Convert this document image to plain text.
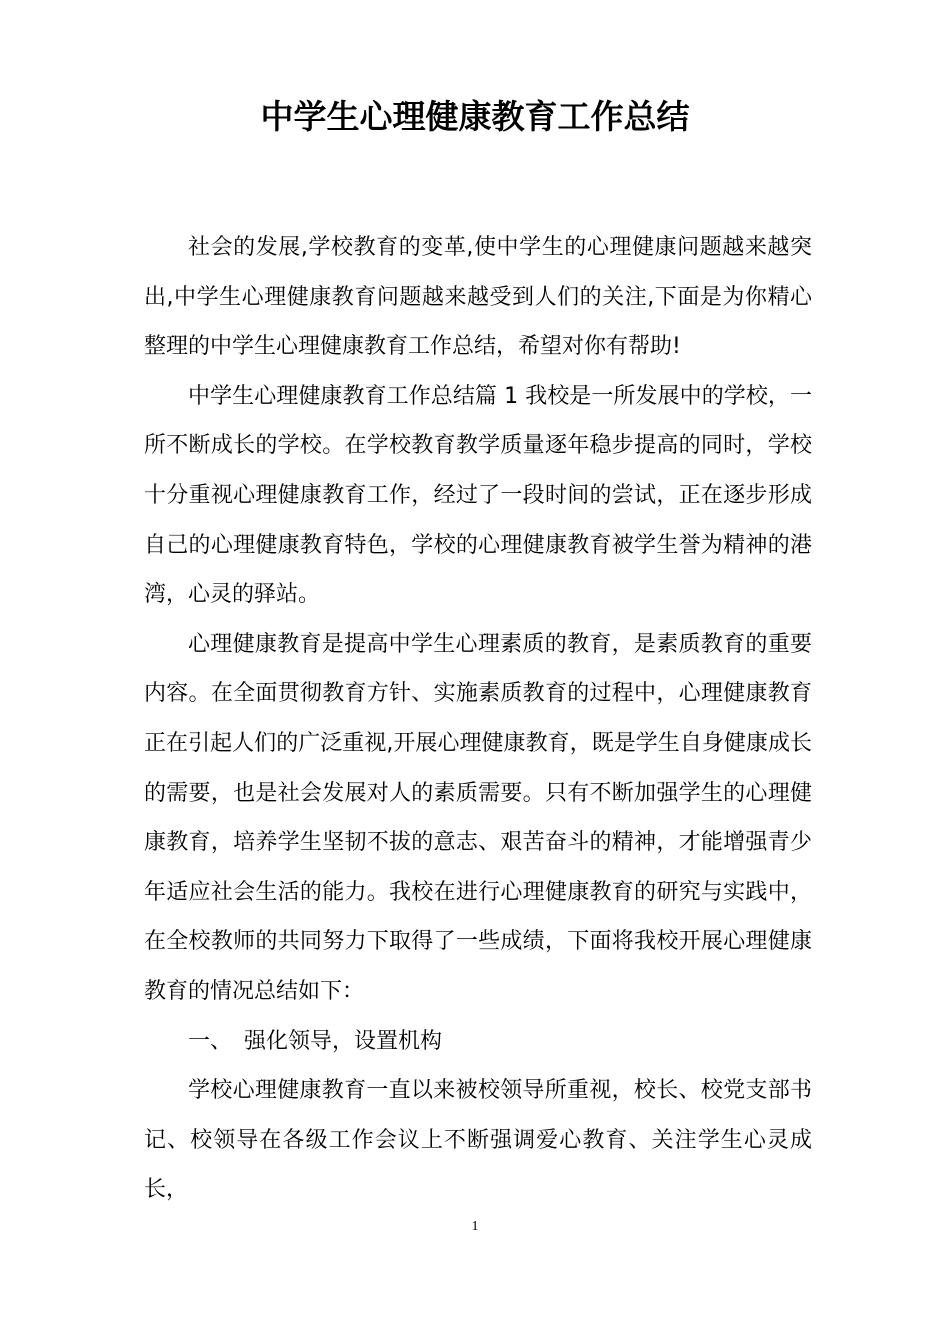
中学生心理健康教育工作总结

社会的发展,学校教育的变革,使中学生的心理健康问题越来越突出,中学生心理健康教育问题越来越受到人们的关注,下面是为你精心整理的中学生心理健康教育工作总结，希望对你有帮助!

中学生心理健康教育工作总结篇 1 我校是一所发展中的学校，一所不断成长的学校。在学校教育教学质量逐年稳步提高的同时，学校十分重视心理健康教育工作，经过了一段时间的尝试，正在逐步形成自己的心理健康教育特色，学校的心理健康教育被学生誉为精神的港湾，心灵的驿站。

心理健康教育是提高中学生心理素质的教育，是素质教育的重要内容。在全面贯彻教育方针、实施素质教育的过程中，心理健康教育正在引起人们的广泛重视,开展心理健康教育，既是学生自身健康成长的需要，也是社会发展对人的素质需要。只有不断加强学生的心理健康教育，培养学生坚韧不拔的意志、艰苦奋斗的精神，才能增强青少年适应社会生活的能力。我校在进行心理健康教育的研究与实践中，在全校教师的共同努力下取得了一些成绩，下面将我校开展心理健康教育的情况总结如下：

一、 强化领导，设置机构

学校心理健康教育一直以来被校领导所重视，校长、校党支部书记、校领导在各级工作会议上不断强调爱心教育、关注学生心灵成长，

1
